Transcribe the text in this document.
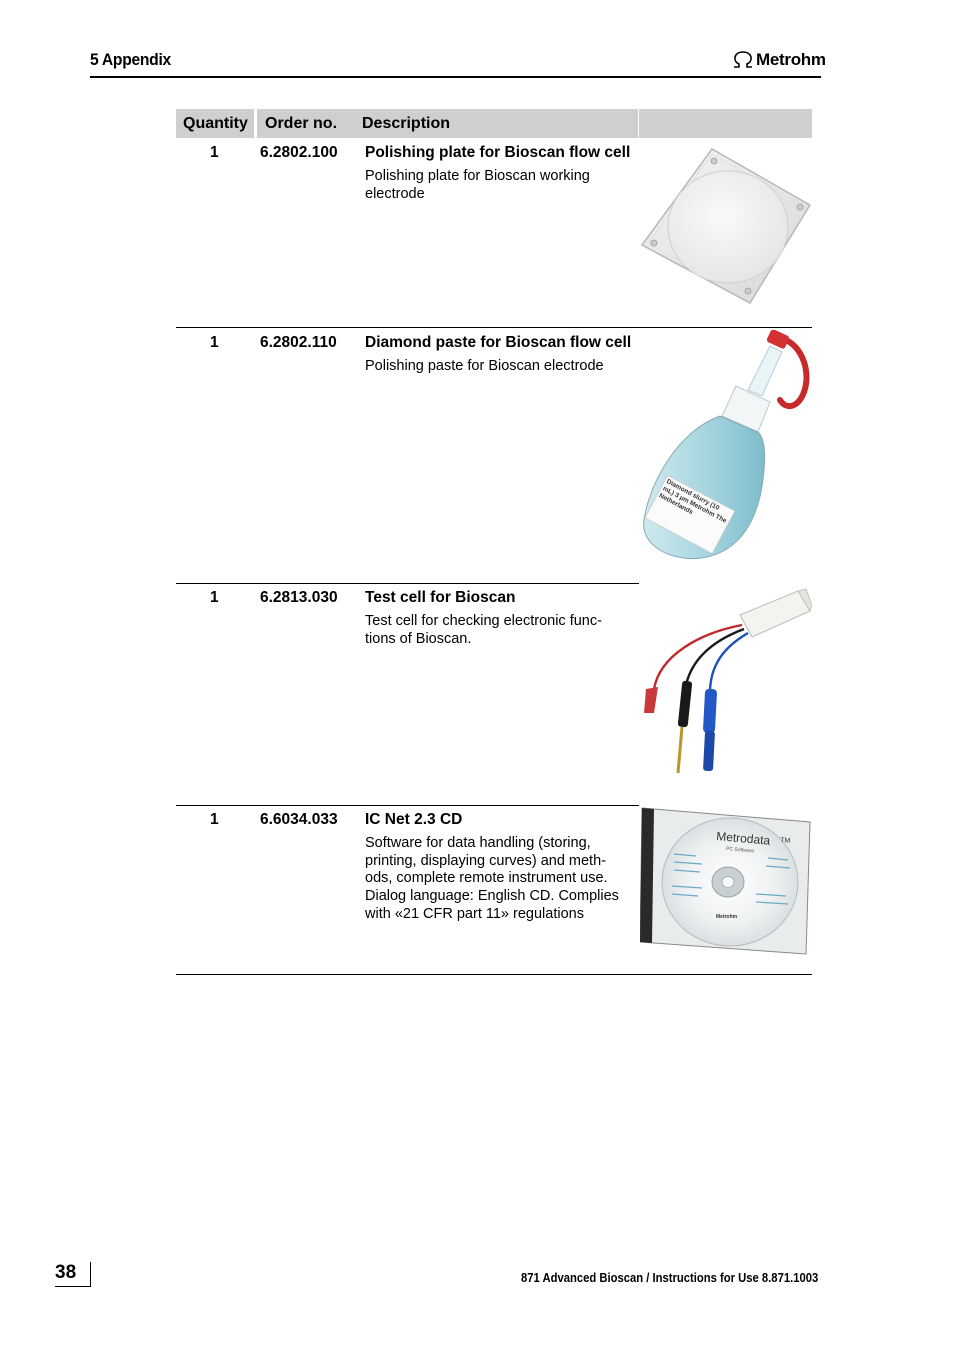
5 Appendix	Metrohm
Quantity	Order no.	Description
1	6.2802.100 Polishing plate for Bioscan flow cell
Polishing plate for Bioscan working electrode
1	6.2802.110 Diamond paste for Bioscan flow cell
Polishing paste for Bioscan electrode
Diamond slurry (10 mL) 3 µm Metrohm The Netherlands
1	6.2813.030 Test cell for Bioscan
Test cell for checking electronic func-tions of Bioscan.
1	6.6034.033 IC Net 2.3 CD
Software for data handling (storing, printing, displaying curves) and meth-ods, complete remote instrument use. Dialog language: English CD. Complies with «21 CFR part 11» regulations
Metrodata TM
PC Software
Metrohm
38	871 Advanced Bioscan / Instructions for Use 8.871.1003
